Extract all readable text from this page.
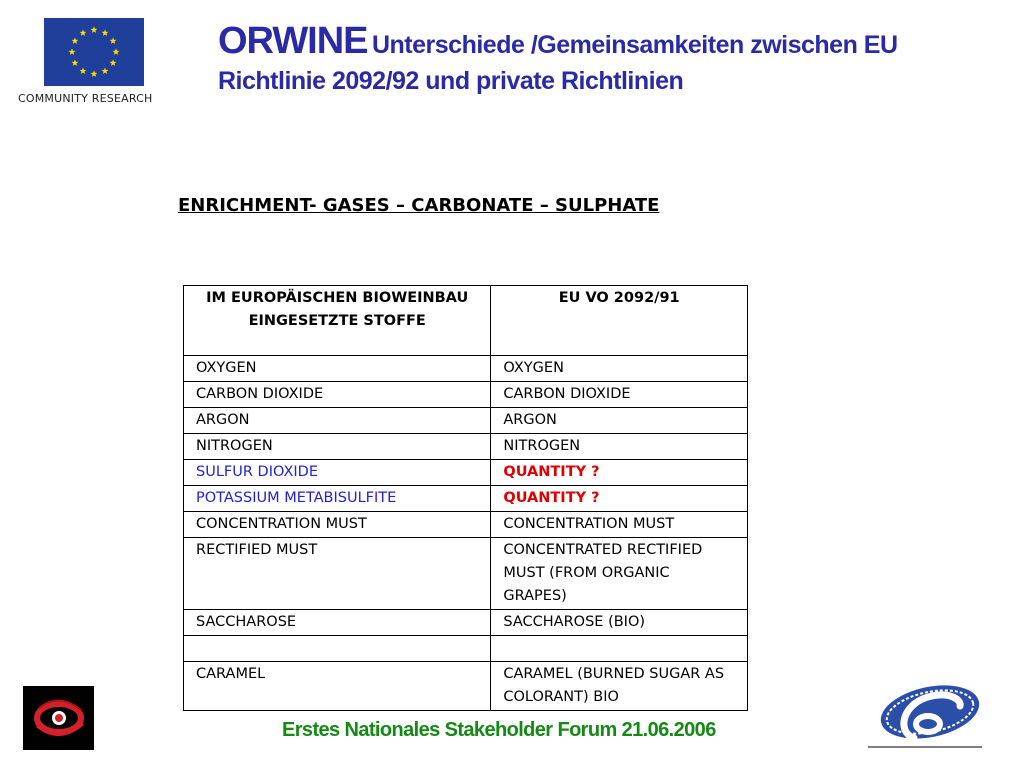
COMMUNITY RESEARCH
ORWINE Unterschiede /Gemeinsamkeiten zwischen EU
Richtlinie 2092/92 und private Richtlinien
ENRICHMENT- GASES – CARBONATE – SULPHATE
IM EUROPÄISCHEN BIOWEINBAU EINGESETZTE STOFFE	EU VO 2092/91
OXYGEN	OXYGEN
CARBON DIOXIDE	CARBON DIOXIDE
ARGON	ARGON
NITROGEN	NITROGEN
SULFUR DIOXIDE	QUANTITY ?
POTASSIUM METABISULFITE	QUANTITY ?
CONCENTRATION MUST	CONCENTRATION MUST
RECTIFIED MUST	CONCENTRATED RECTIFIED MUST (FROM ORGANIC GRAPES)
SACCHAROSE	SACCHAROSE (BIO)

CARAMEL	CARAMEL (BURNED SUGAR AS COLORANT) BIO
Erstes Nationales Stakeholder Forum 21.06.2006
